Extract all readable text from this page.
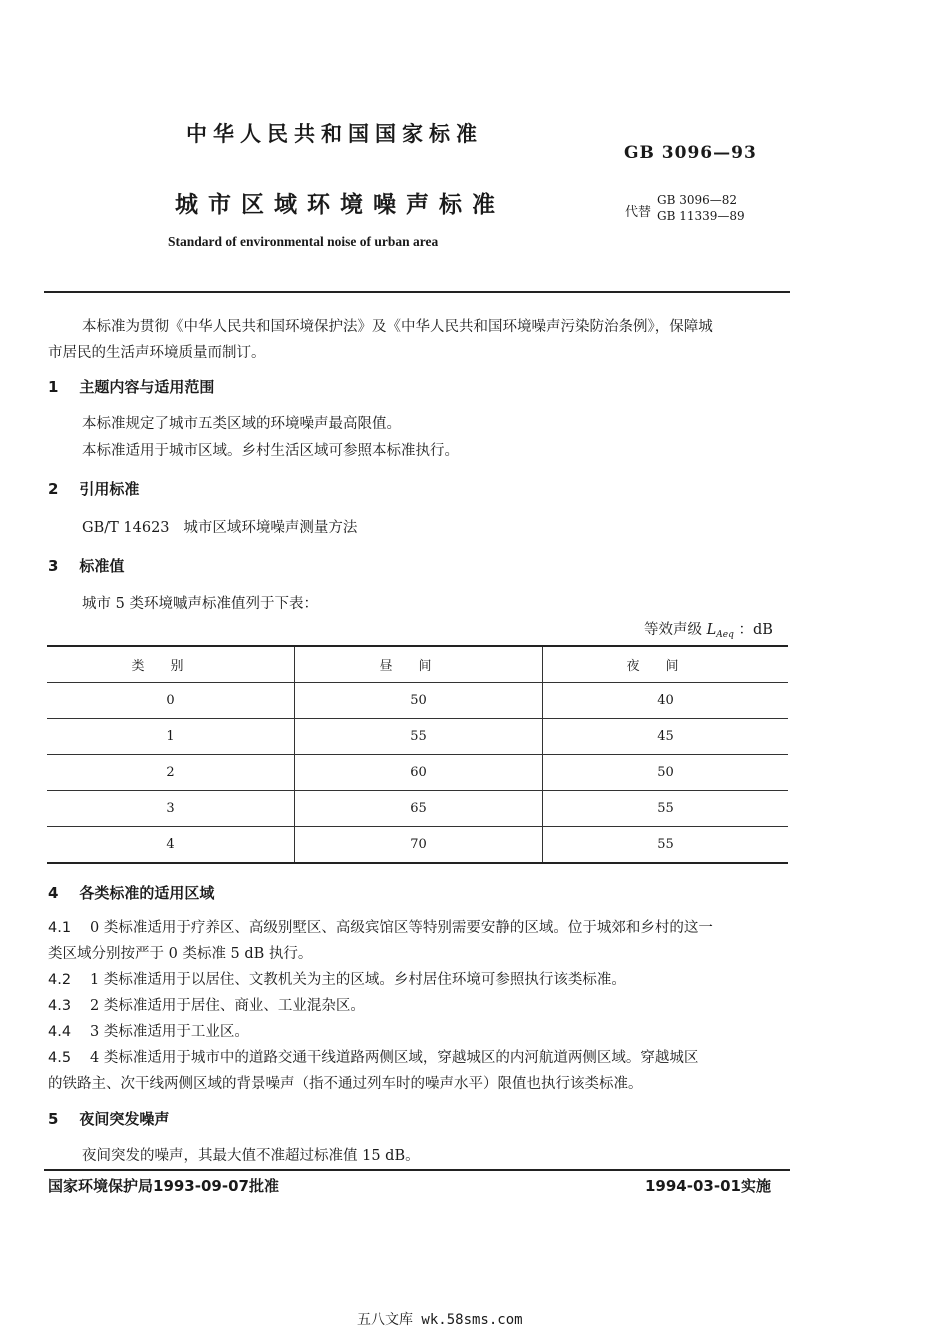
中华人民共和国国家标准
GB 3096—93
城市区域环境噪声标准	代替
GB 3096—82
GB 11339—89
Standard of environmental noise of urban area
本标准为贯彻《中华人民共和国环境保护法》及《中华人民共和国环境噪声污染防治条例》，保障城
市居民的生活声环境质量而制订。
1 主题内容与适用范围
本标准规定了城市五类区域的环境噪声最高限值。
本标准适用于城市区域。乡村生活区域可参照本标准执行。
2 引用标准
GB/T 14623 城市区域环境噪声测量方法
3 标准值
城市 5 类环境嘁声标准值列于下表：
等效声级 $L_{Aeq}$ ：dB
类别	昼间	夜间
0	50	40
1	55	45
2	60	50
3	65	55
4	70	55
4 各类标准的适用区域
4.1 0 类标准适用于疗养区、高级别墅区、高级宾馆区等特别需要安静的区域。位于城郊和乡村的这一
类区域分别按严于 0 类标准 5 dB 执行。
4.2 1 类标准适用于以居住、文教机关为主的区域。乡村居住环境可参照执行该类标准。
4.3 2 类标准适用于居住、商业、工业混杂区。
4.4 3 类标准适用于工业区。
4.5 4 类标准适用于城市中的道路交通干线道路两侧区域，穿越城区的内河航道两侧区域。穿越城区
的铁路主、次干线两侧区域的背景噪声（指不通过列车时的噪声水平）限值也执行该类标准。
5 夜间突发噪声
夜间突发的噪声，其最大值不准超过标准值 15 dB。
国家环境保护局1993-09-07批准	1994-03-01实施
五八文库 wk.58sms.com
